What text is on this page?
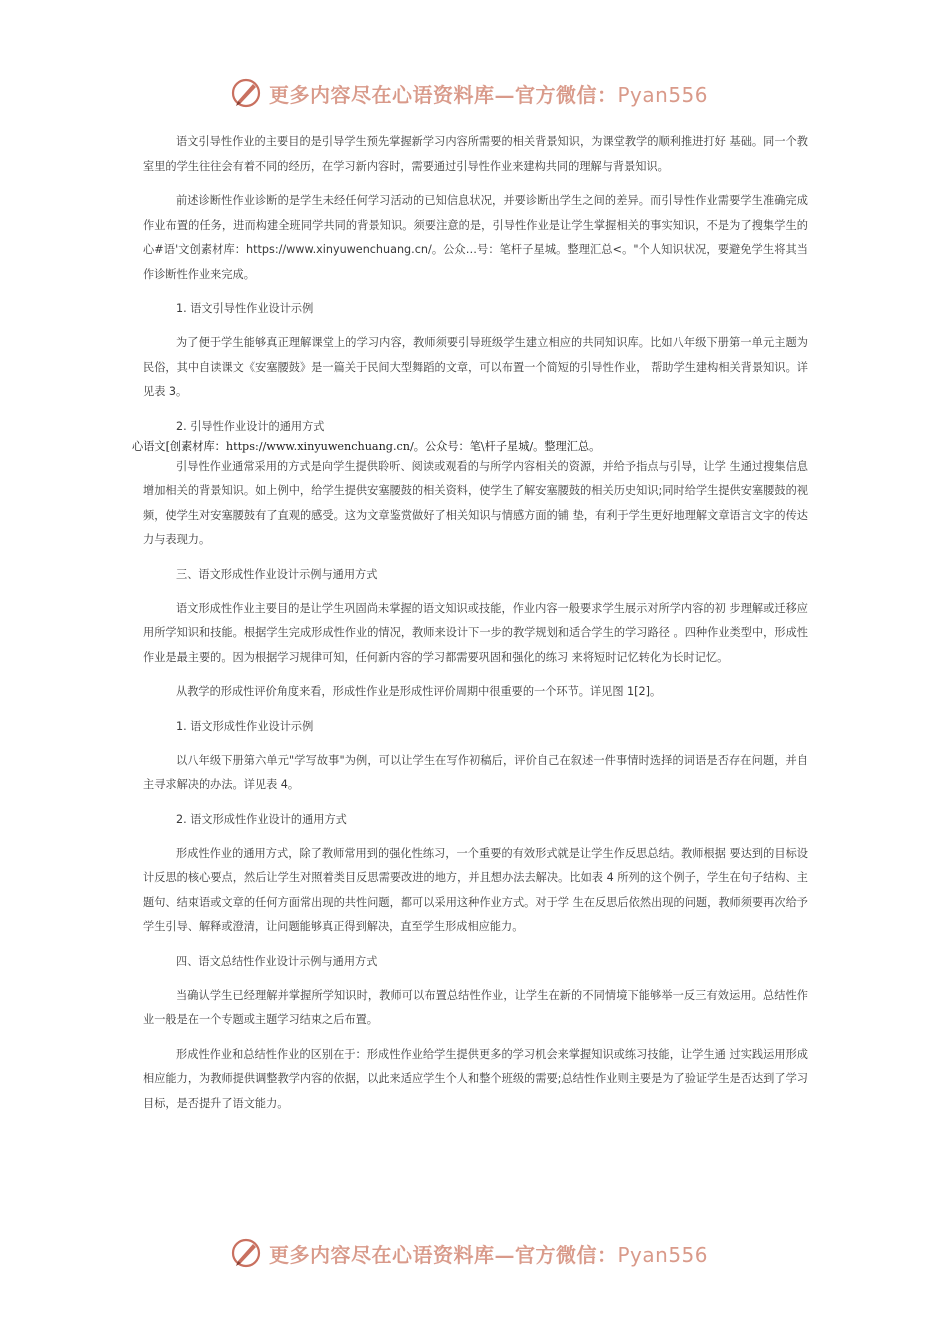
更多内容尽在心语资料库—官方微信：Pyan556

语文引导性作业的主要目的是引导学生预先掌握新学习内容所需要的相关背景知识，为课堂教学的顺利推进打好 基础。同一个教室里的学生往往会有着不同的经历，在学习新内容时，需要通过引导性作业来建构共同的理解与背景知识。

前述诊断性作业诊断的是学生未经任何学习活动的已知信息状况，并要诊断出学生之间的差异。而引导性作业需要学生准确完成作业布置的任务，进而构建全班同学共同的背景知识。须要注意的是，引导性作业是让学生掌握相关的事实知识，不是为了搜集学生的心#语'文创素材库：https://www.xinyuwenchuang.cn/。公众…号：笔杆子星城。整理汇总<。"个人知识状况，要避免学生将其当作诊断性作业来完成。

1. 语文引导性作业设计示例

为了便于学生能够真正理解课堂上的学习内容，教师须要引导班级学生建立相应的共同知识库。比如八年级下册第一单元主题为民俗，其中自读课文《安塞腰鼓》是一篇关于民间大型舞蹈的文章，可以布置一个简短的引导性作业， 帮助学生建构相关背景知识。详见表 3。

2. 引导性作业设计的通用方式

心语文[创素材库：https://www.xinyuwenchuang.cn/。公众号：笔\杆子星城/。整理汇总。

引导性作业通常采用的方式是向学生提供聆听、阅读或观看的与所学内容相关的资源，并给予指点与引导，让学 生通过搜集信息增加相关的背景知识。如上例中，给学生提供安塞腰鼓的相关资料，使学生了解安塞腰鼓的相关历史知识;同时给学生提供安塞腰鼓的视频，使学生对安塞腰鼓有了直观的感受。这为文章鉴赏做好了相关知识与情感方面的铺 垫，有利于学生更好地理解文章语言文字的传达力与表现力。

三、语文形成性作业设计示例与通用方式

语文形成性作业主要目的是让学生巩固尚未掌握的语文知识或技能，作业内容一般要求学生展示对所学内容的初 步理解或迁移应用所学知识和技能。根据学生完成形成性作业的情况，教师来设计下一步的教学规划和适合学生的学习路径 。四种作业类型中，形成性作业是最主要的。因为根据学习规律可知，任何新内容的学习都需要巩固和强化的练习 来将短时记忆转化为长时记忆。

从教学的形成性评价角度来看，形成性作业是形成性评价周期中很重要的一个环节。详见图 1[2]。

1. 语文形成性作业设计示例

以八年级下册第六单元"学写故事"为例，可以让学生在写作初稿后，评价自己在叙述一件事情时选择的词语是否存在问题，并自主寻求解决的办法。详见表 4。

2. 语文形成性作业设计的通用方式

形成性作业的通用方式，除了教师常用到的强化性练习，一个重要的有效形式就是让学生作反思总结。教师根据 要达到的目标设计反思的核心要点，然后让学生对照着类目反思需要改进的地方，并且想办法去解决。比如表 4 所列的这个例子，学生在句子结构、主题句、结束语或文章的任何方面常出现的共性问题，都可以采用这种作业方式。对于学 生在反思后依然出现的问题，教师须要再次给予学生引导、解释或澄清，让问题能够真正得到解决，直至学生形成相应能力。

四、语文总结性作业设计示例与通用方式

当确认学生已经理解并掌握所学知识时，教师可以布置总结性作业，让学生在新的不同情境下能够举一反三有效运用。总结性作业一般是在一个专题或主题学习结束之后布置。

形成性作业和总结性作业的区别在于：形成性作业给学生提供更多的学习机会来掌握知识或练习技能，让学生通 过实践运用形成相应能力，为教师提供调整教学内容的依据，以此来适应学生个人和整个班级的需要;总结性作业则主要是为了验证学生是否达到了学习目标，是否提升了语文能力。

更多内容尽在心语资料库—官方微信：Pyan556
